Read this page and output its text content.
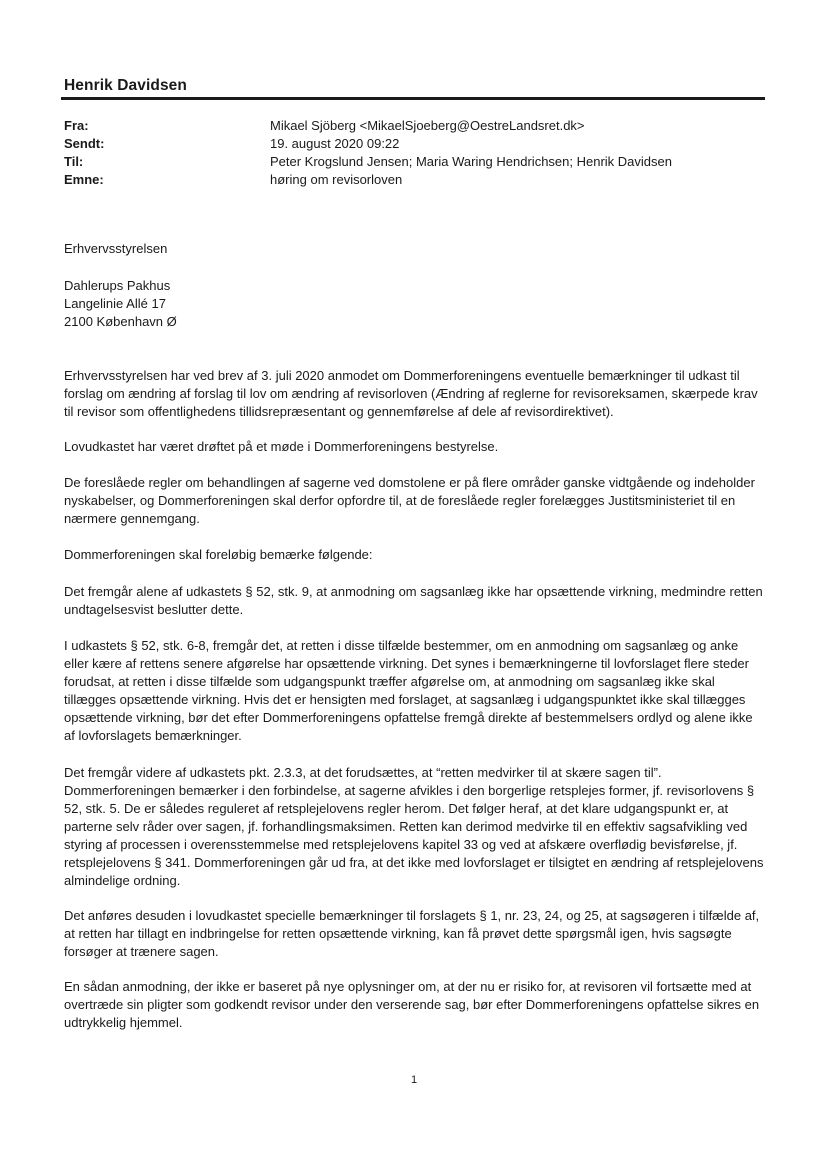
Henrik Davidsen
Fra:	Mikael Sjöberg <MikaelSjoeberg@OestreLandsret.dk>
Sendt:	19. august 2020 09:22
Til:	Peter Krogslund Jensen; Maria Waring Hendrichsen; Henrik Davidsen
Emne:	høring om revisorloven
Erhvervsstyrelsen
Dahlerups Pakhus
Langelinie Allé 17
2100 København Ø

Erhvervsstyrelsen har ved brev af 3. juli 2020 anmodet om Dommerforeningens eventuelle bemærkninger til udkast til forslag om ændring af forslag til lov om ændring af revisorloven (Ændring af reglerne for revisoreksamen, skærpede krav til revisor som offentlighedens tillidsrepræsentant og gennemførelse af dele af revisordirektivet).

Lovudkastet har været drøftet på et møde i Dommerforeningens bestyrelse.

De foreslåede regler om behandlingen af sagerne ved domstolene er på flere områder ganske vidtgående og indeholder nyskabelser, og Dommerforeningen skal derfor opfordre til, at de foreslåede regler forelægges Justitsministeriet til en nærmere gennemgang.

Dommerforeningen skal foreløbig bemærke følgende:

Det fremgår alene af udkastets § 52, stk. 9, at anmodning om sagsanlæg ikke har opsættende virkning, medmindre retten undtagelsesvist beslutter dette.

I udkastets § 52, stk. 6-8, fremgår det, at retten i disse tilfælde bestemmer, om en anmodning om sagsanlæg og anke eller kære af rettens senere afgørelse har opsættende virkning. Det synes i bemærkningerne til lovforslaget flere steder forudsat, at retten i disse tilfælde som udgangspunkt træffer afgørelse om, at anmodning om sagsanlæg ikke skal tillægges opsættende virkning. Hvis det er hensigten med forslaget, at sagsanlæg i udgangspunktet ikke skal tillægges opsættende virkning, bør det efter Dommerforeningens opfattelse fremgå direkte af bestemmelsers ordlyd og alene ikke af lovforslagets bemærkninger.

Det fremgår videre af udkastets pkt. 2.3.3, at det forudsættes, at “retten medvirker til at skære sagen til”. Dommerforeningen bemærker i den forbindelse, at sagerne afvikles i den borgerlige retsplejes former, jf. revisorlovens § 52, stk. 5. De er således reguleret af retsplejelovens regler herom. Det følger heraf, at det klare udgangspunkt er, at parterne selv råder over sagen, jf. forhandlingsmaksimen. Retten kan derimod medvirke til en effektiv sagsafvikling ved styring af processen i overensstemmelse med retsplejelovens kapitel 33 og ved at afskære overflødig bevisførelse, jf. retsplejelovens § 341. Dommerforeningen går ud fra, at det ikke med lovforslaget er tilsigtet en ændring af retsplejelovens almindelige ordning.

Det anføres desuden i lovudkastet specielle bemærkninger til forslagets § 1, nr. 23, 24, og 25, at sagsøgeren i tilfælde af, at retten har tillagt en indbringelse for retten opsættende virkning, kan få prøvet dette spørgsmål igen, hvis sagsøgte forsøger at trænere sagen.

En sådan anmodning, der ikke er baseret på nye oplysninger om, at der nu er risiko for, at revisoren vil fortsætte med at overtræde sin pligter som godkendt revisor under den verserende sag, bør efter Dommerforeningens opfattelse sikres en udtrykkelig hjemmel.

1
